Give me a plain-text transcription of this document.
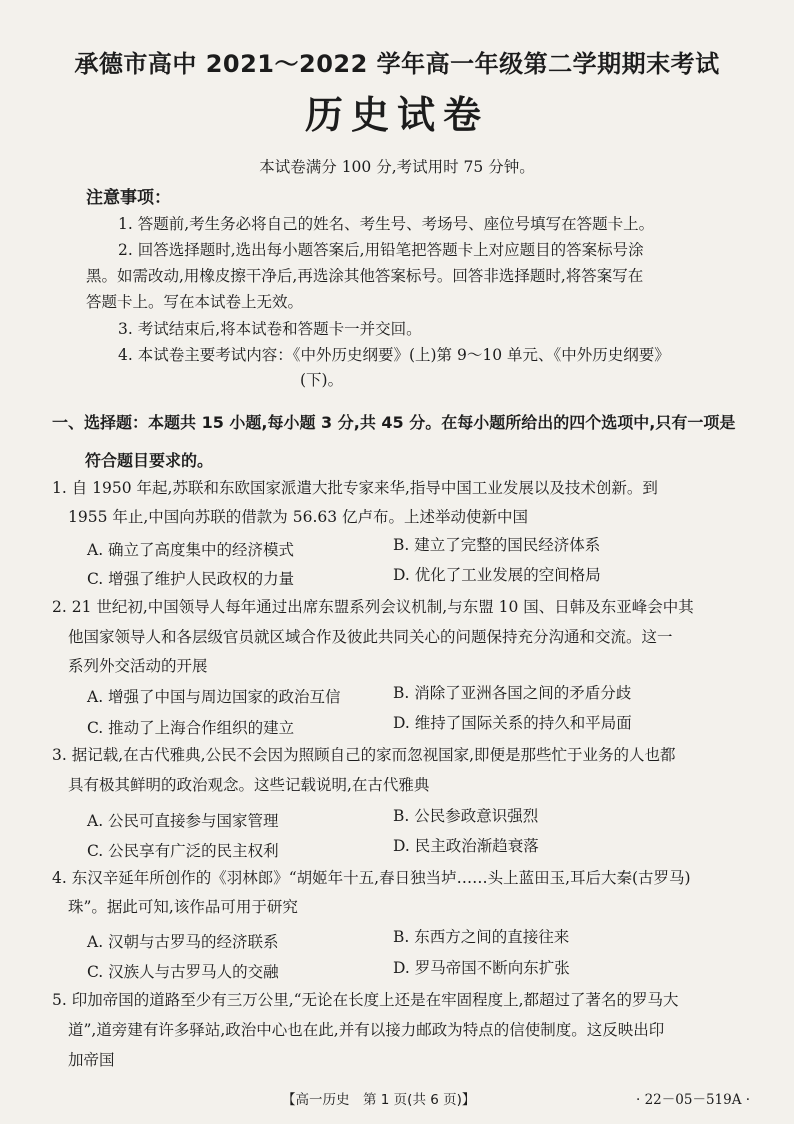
承德市高中 2021～2022 学年高一年级第二学期期末考试
历史试卷
本试卷满分 100 分,考试用时 75 分钟。
注意事项：
1. 答题前,考生务必将自己的姓名、考生号、考场号、座位号填写在答题卡上。
2. 回答选择题时,选出每小题答案后,用铅笔把答题卡上对应题目的答案标号涂
黑。如需改动,用橡皮擦干净后,再选涂其他答案标号。回答非选择题时,将答案写在
答题卡上。写在本试卷上无效。
3. 考试结束后,将本试卷和答题卡一并交回。
4. 本试卷主要考试内容：《中外历史纲要》(上)第 9～10 单元、《中外历史纲要》
(下)。
一、选择题：本题共 15 小题,每小题 3 分,共 45 分。在每小题所给出的四个选项中,只有一项是
符合题目要求的。
1. 自 1950 年起,苏联和东欧国家派遣大批专家来华,指导中国工业发展以及技术创新。到
1955 年止,中国向苏联的借款为 56.63 亿卢布。上述举动使新中国
A. 确立了高度集中的经济模式	B. 建立了完整的国民经济体系
C. 增强了维护人民政权的力量	D. 优化了工业发展的空间格局
2. 21 世纪初,中国领导人每年通过出席东盟系列会议机制,与东盟 10 国、日韩及东亚峰会中其
他国家领导人和各层级官员就区域合作及彼此共同关心的问题保持充分沟通和交流。这一
系列外交活动的开展
A. 增强了中国与周边国家的政治互信	B. 消除了亚洲各国之间的矛盾分歧
C. 推动了上海合作组织的建立	D. 维持了国际关系的持久和平局面
3. 据记载,在古代雅典,公民不会因为照顾自己的家而忽视国家,即便是那些忙于业务的人也都
具有极其鲜明的政治观念。这些记载说明,在古代雅典
A. 公民可直接参与国家管理	B. 公民参政意识强烈
C. 公民享有广泛的民主权利	D. 民主政治渐趋衰落
4. 东汉辛延年所创作的《羽林郎》“胡姬年十五,春日独当垆……头上蓝田玉,耳后大秦(古罗马)
珠”。据此可知,该作品可用于研究
A. 汉朝与古罗马的经济联系	B. 东西方之间的直接往来
C. 汉族人与古罗马人的交融	D. 罗马帝国不断向东扩张
5. 印加帝国的道路至少有三万公里,“无论在长度上还是在牢固程度上,都超过了著名的罗马大
道”,道旁建有许多驿站,政治中心也在此,并有以接力邮政为特点的信使制度。这反映出印
加帝国
【高一历史　第 1 页(共 6 页)】	· 22－05－519A ·
